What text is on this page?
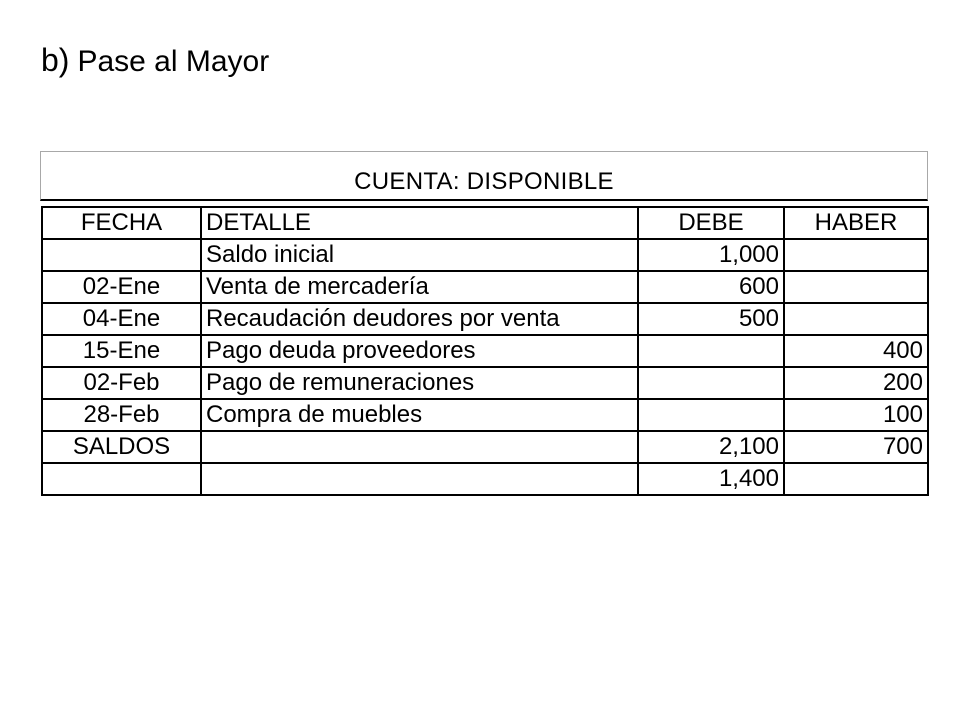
b) Pase al Mayor
CUENTA: DISPONIBLE
FECHA	DETALLE	DEBE	HABER
	Saldo inicial	1,000	
02-Ene	Venta de mercadería	600	
04-Ene	Recaudación deudores por venta	500	
15-Ene	Pago deuda proveedores		400
02-Feb	Pago de remuneraciones		200
28-Feb	Compra de muebles		100
SALDOS		2,100	700
		1,400	
